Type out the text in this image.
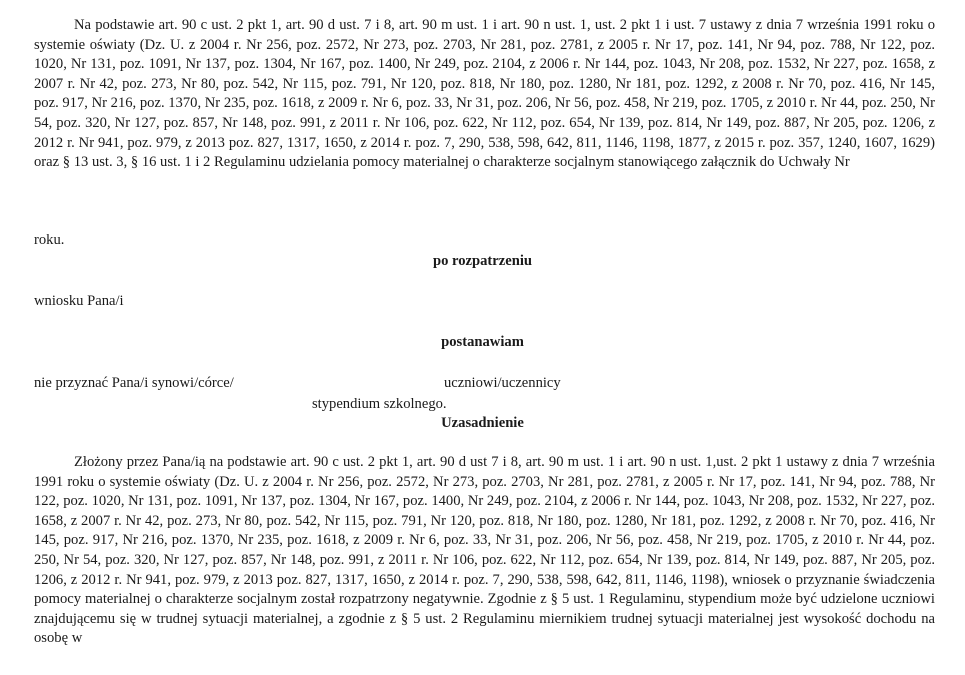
Na podstawie art. 90 c ust. 2 pkt 1, art. 90 d ust. 7 i 8, art. 90 m ust. 1 i art. 90 n ust. 1, ust. 2 pkt 1 i ust. 7 ustawy z dnia 7 września 1991 roku o systemie oświaty (Dz. U. z 2004 r. Nr 256, poz. 2572, Nr 273, poz. 2703, Nr 281, poz. 2781, z 2005 r. Nr 17, poz. 141, Nr 94, poz. 788, Nr 122, poz. 1020, Nr 131, poz. 1091, Nr 137, poz. 1304, Nr 167, poz. 1400, Nr 249, poz. 2104, z 2006 r. Nr 144, poz. 1043, Nr 208, poz. 1532, Nr 227, poz. 1658, z 2007 r. Nr 42, poz. 273, Nr 80, poz. 542, Nr 115, poz. 791, Nr 120, poz. 818, Nr 180, poz. 1280, Nr 181, poz. 1292, z 2008 r. Nr 70, poz. 416, Nr 145, poz. 917, Nr 216, poz. 1370, Nr 235, poz. 1618, z 2009 r. Nr 6, poz. 33, Nr 31, poz. 206, Nr 56, poz. 458, Nr 219, poz. 1705, z 2010 r. Nr 44, poz. 250, Nr 54, poz. 320, Nr 127, poz. 857, Nr 148, poz. 991, z 2011 r. Nr 106, poz. 622, Nr 112, poz. 654, Nr 139, poz. 814, Nr 149, poz. 887, Nr 205, poz. 1206, z 2012 r. Nr 941, poz. 979, z 2013 poz. 827, 1317, 1650, z 2014 r. poz. 7, 290, 538, 598, 642, 811, 1146, 1198, 1877, z 2015 r. poz. 357, 1240, 1607, 1629) oraz § 13 ust. 3, § 16 ust. 1 i 2 Regulaminu udzielania pomocy materialnej o charakterze socjalnym stanowiącego załącznik do Uchwały Nr

roku.

po rozpatrzeniu

wniosku Pana/i

postanawiam

nie przyznać Pana/i synowi/córce/	uczniowi/uczennicy

stypendium szkolnego.

Uzasadnienie

Złożony przez Pana/ią na podstawie art. 90 c ust. 2 pkt 1, art. 90 d ust 7 i 8, art. 90 m ust. 1 i art. 90 n ust. 1,ust. 2 pkt 1 ustawy z dnia 7 września 1991 roku o systemie oświaty (Dz. U. z 2004 r. Nr 256, poz. 2572, Nr 273, poz. 2703, Nr 281, poz. 2781, z 2005 r. Nr 17, poz. 141, Nr 94, poz. 788, Nr 122, poz. 1020, Nr 131, poz. 1091, Nr 137, poz. 1304, Nr 167, poz. 1400, Nr 249, poz. 2104, z 2006 r. Nr 144, poz. 1043, Nr 208, poz. 1532, Nr 227, poz. 1658, z 2007 r. Nr 42, poz. 273, Nr 80, poz. 542, Nr 115, poz. 791, Nr 120, poz. 818, Nr 180, poz. 1280, Nr 181, poz. 1292, z 2008 r. Nr 70, poz. 416, Nr 145, poz. 917, Nr 216, poz. 1370, Nr 235, poz. 1618, z 2009 r. Nr 6, poz. 33, Nr 31, poz. 206, Nr 56, poz. 458, Nr 219, poz. 1705, z 2010 r. Nr 44, poz. 250, Nr 54, poz. 320, Nr 127, poz. 857, Nr 148, poz. 991, z 2011 r. Nr 106, poz. 622, Nr 112, poz. 654, Nr 139, poz. 814, Nr 149, poz. 887, Nr 205, poz. 1206, z 2012 r. Nr 941, poz. 979, z 2013 poz. 827, 1317, 1650, z 2014 r. poz. 7, 290, 538, 598, 642, 811, 1146, 1198), wniosek o przyznanie świadczenia pomocy materialnej o charakterze socjalnym został rozpatrzony negatywnie. Zgodnie z § 5 ust. 1 Regulaminu, stypendium może być udzielone uczniowi znajdującemu się w trudnej sytuacji materialnej, a zgodnie z § 5 ust. 2 Regulaminu miernikiem trudnej sytuacji materialnej jest wysokość dochodu na osobę w
